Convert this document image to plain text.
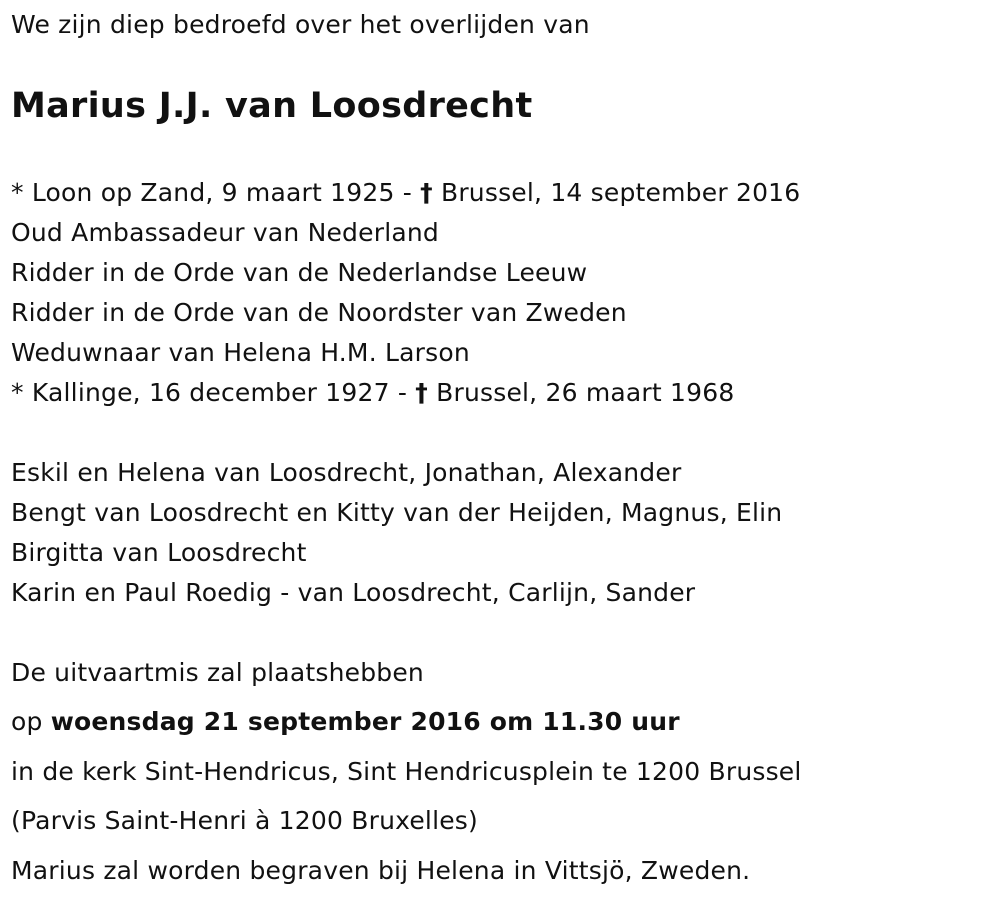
We zijn diep bedroefd over het overlijden van
Marius J.J. van Loosdrecht
* Loon op Zand, 9 maart 1925 - † Brussel, 14 september 2016
Oud Ambassadeur van Nederland
Ridder in de Orde van de Nederlandse Leeuw
Ridder in de Orde van de Noordster van Zweden
Weduwnaar van Helena H.M. Larson
* Kallinge, 16 december 1927 - † Brussel, 26 maart 1968
Eskil en Helena van Loosdrecht, Jonathan, Alexander
Bengt van Loosdrecht en Kitty van der Heijden, Magnus, Elin
Birgitta van Loosdrecht
Karin en Paul Roedig - van Loosdrecht, Carlijn, Sander
De uitvaartmis zal plaatshebben
op woensdag 21 september 2016 om 11.30 uur
in de kerk Sint-Hendricus, Sint Hendricusplein te 1200 Brussel
(Parvis Saint-Henri à 1200 Bruxelles)
Marius zal worden begraven bij Helena in Vittsjö, Zweden.
